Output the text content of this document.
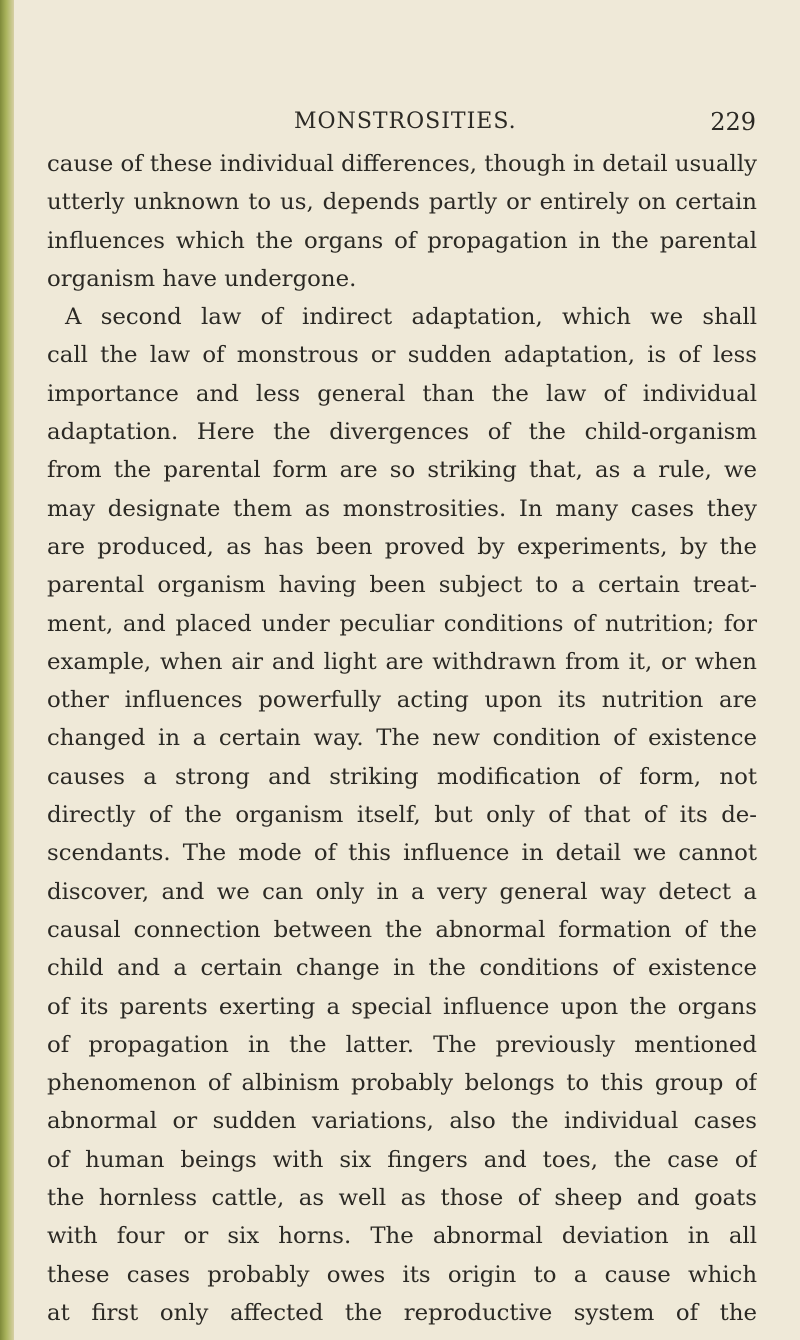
MONSTROSITIES.	229
cause of these individual differences, though in detail usually
utterly unknown to us, depends partly or entirely on certain
influences which the organs of propagation in the parental
organism have undergone.
A second law of indirect adaptation, which we shall
call the law of monstrous or sudden adaptation, is of less
importance and less general than the law of individual
adaptation. Here the divergences of the child-organism
from the parental form are so striking that, as a rule, we
may designate them as monstrosities. In many cases they
are produced, as has been proved by experiments, by the
parental organism having been subject to a certain treat-
ment, and placed under peculiar conditions of nutrition; for
example, when air and light are withdrawn from it, or when
other influences powerfully acting upon its nutrition are
changed in a certain way. The new condition of existence
causes a strong and striking modification of form, not
directly of the organism itself, but only of that of its de-
scendants. The mode of this influence in detail we cannot
discover, and we can only in a very general way detect a
causal connection between the abnormal formation of the
child and a certain change in the conditions of existence
of its parents exerting a special influence upon the organs
of propagation in the latter. The previously mentioned
phenomenon of albinism probably belongs to this group of
abnormal or sudden variations, also the individual cases
of human beings with six fingers and toes, the case of
the hornless cattle, as well as those of sheep and goats
with four or six horns. The abnormal deviation in all
these cases probably owes its origin to a cause which
at first only affected the reproductive system of the
